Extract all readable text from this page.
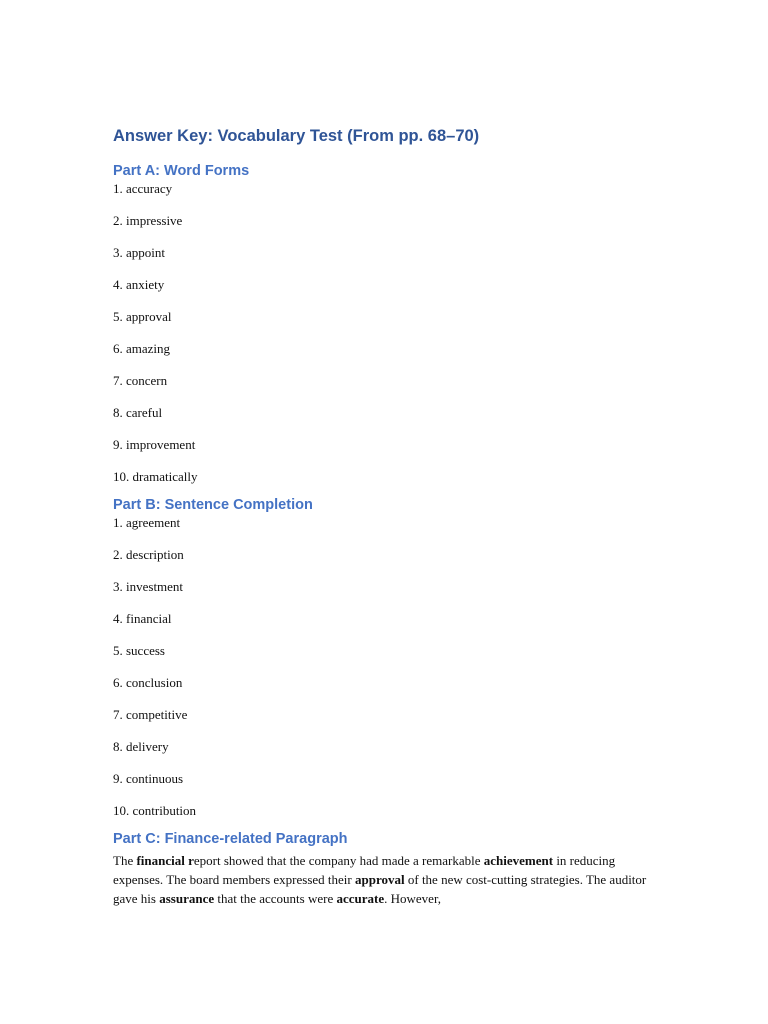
Answer Key: Vocabulary Test (From pp. 68–70)
Part A: Word Forms
1. accuracy
2. impressive
3. appoint
4. anxiety
5. approval
6. amazing
7. concern
8. careful
9. improvement
10. dramatically
Part B: Sentence Completion
1. agreement
2. description
3. investment
4. financial
5. success
6. conclusion
7. competitive
8. delivery
9. continuous
10. contribution
Part C: Finance-related Paragraph

The financial report showed that the company had made a remarkable achievement in reducing expenses. The board members expressed their approval of the new cost-cutting strategies. The auditor gave his assurance that the accounts were accurate. However,
